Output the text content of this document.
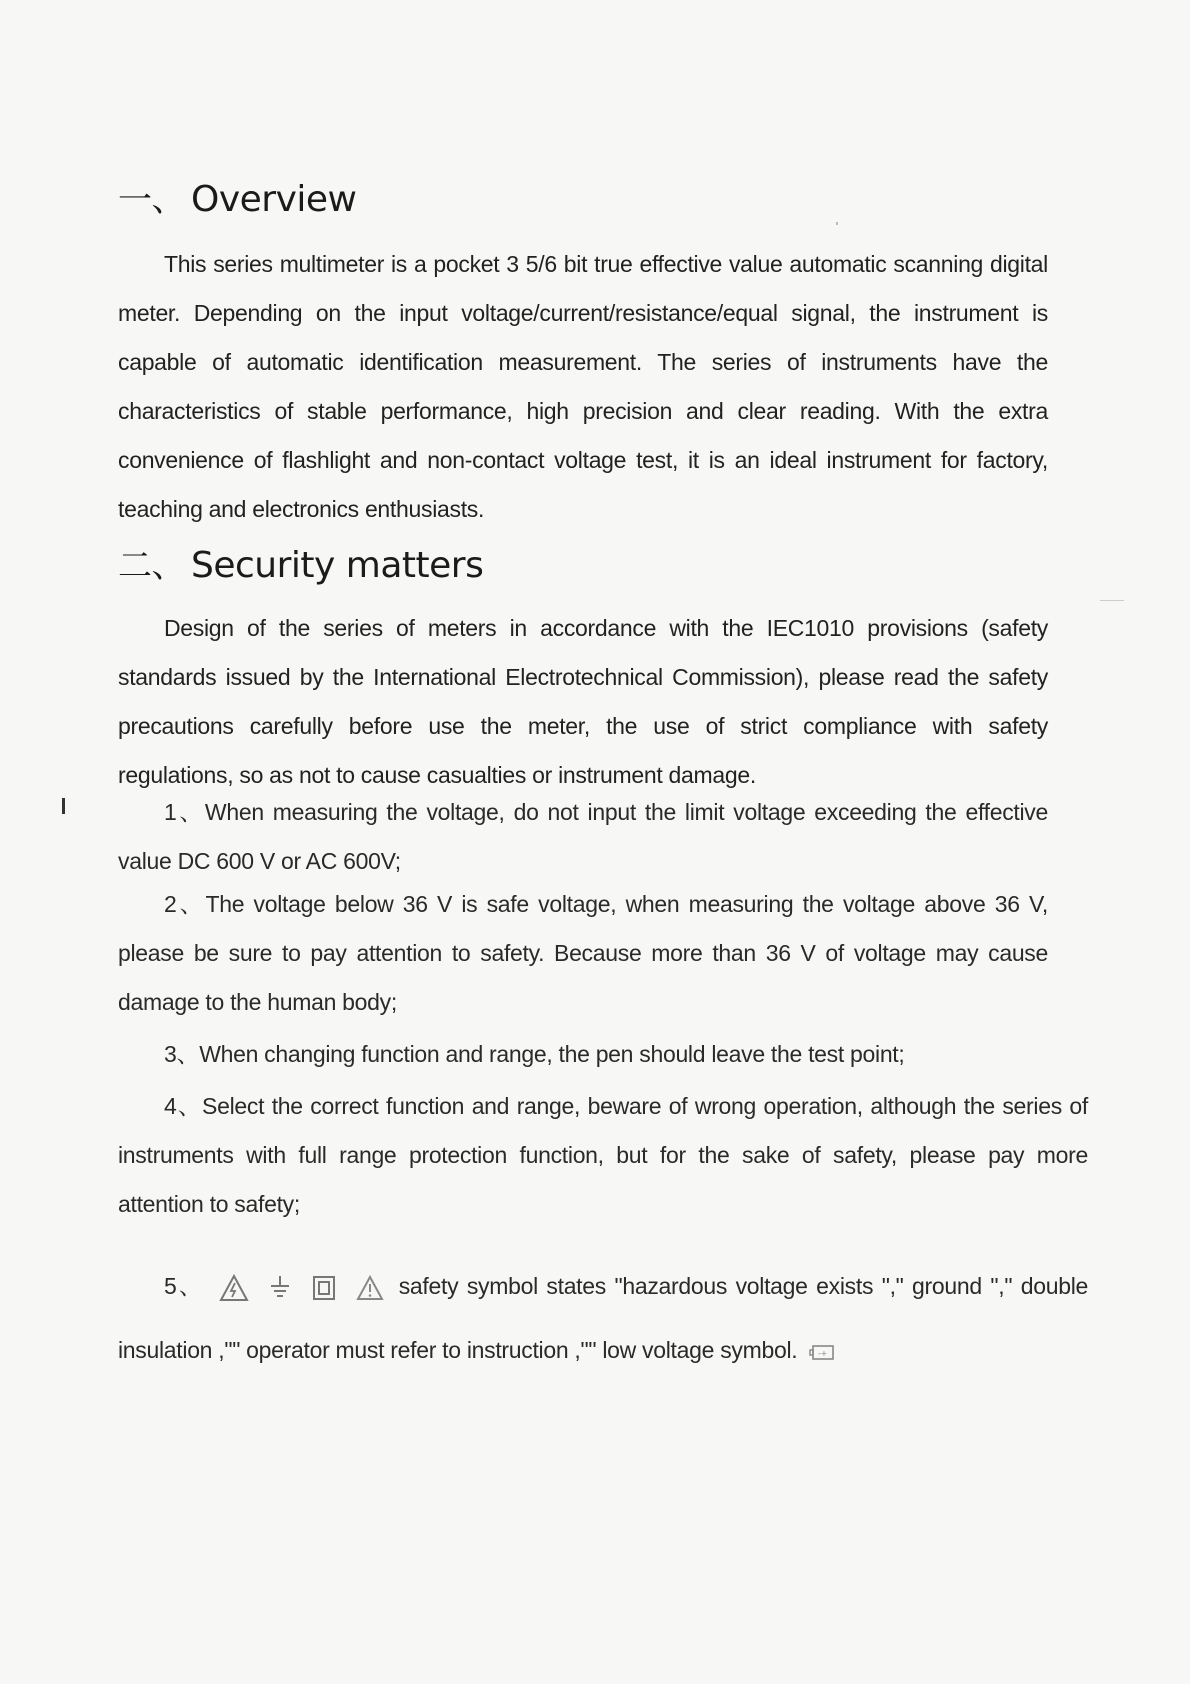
一、 Overview
This series multimeter is a pocket 3 5/6 bit true effective value automatic scanning digital meter. Depending on the input voltage/current/resistance/equal signal, the instrument is capable of automatic identification measurement. The series of instruments have the characteristics of stable performance, high precision and clear reading. With the extra convenience of flashlight and non-contact voltage test, it is an ideal instrument for factory, teaching and electronics enthusiasts.
二、 Security matters
Design of the series of meters in accordance with the IEC1010 provisions (safety standards issued by the International Electrotechnical Commission), please read the safety precautions carefully before use the meter, the use of strict compliance with safety regulations, so as not to cause casualties or instrument damage.
1、When measuring the voltage, do not input the limit voltage exceeding the effective value DC 600 V or AC 600V;
2、The voltage below 36 V is safe voltage, when measuring the voltage above 36 V, please be sure to pay attention to safety. Because more than 36 V of voltage may cause damage to the human body;
3、When changing function and range, the pen should leave the test point;
4、Select the correct function and range, beware of wrong operation, although the series of instruments with full range protection function, but for the sake of safety, please pay more attention to safety;
5、

	safety symbol states "hazardous voltage exists "," ground "," double insulation ,"" operator must refer to instruction ,"" low voltage symbol.	-+
